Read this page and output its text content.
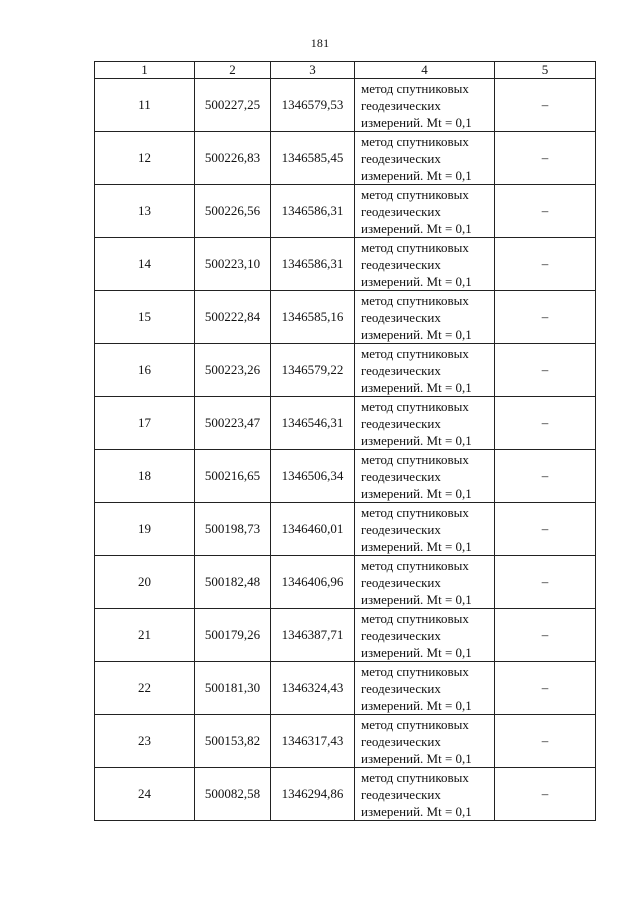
181
1	2	3	4	5
11	500227,25	1346579,53	метод спутниковых
геодезических
измерений. Mt = 0,1	–
12	500226,83	1346585,45	метод спутниковых
геодезических
измерений. Mt = 0,1	–
13	500226,56	1346586,31	метод спутниковых
геодезических
измерений. Mt = 0,1	–
14	500223,10	1346586,31	метод спутниковых
геодезических
измерений. Mt = 0,1	–
15	500222,84	1346585,16	метод спутниковых
геодезических
измерений. Mt = 0,1	–
16	500223,26	1346579,22	метод спутниковых
геодезических
измерений. Mt = 0,1	–
17	500223,47	1346546,31	метод спутниковых
геодезических
измерений. Mt = 0,1	–
18	500216,65	1346506,34	метод спутниковых
геодезических
измерений. Mt = 0,1	–
19	500198,73	1346460,01	метод спутниковых
геодезических
измерений. Mt = 0,1	–
20	500182,48	1346406,96	метод спутниковых
геодезических
измерений. Mt = 0,1	–
21	500179,26	1346387,71	метод спутниковых
геодезических
измерений. Mt = 0,1	–
22	500181,30	1346324,43	метод спутниковых
геодезических
измерений. Mt = 0,1	–
23	500153,82	1346317,43	метод спутниковых
геодезических
измерений. Mt = 0,1	–
24	500082,58	1346294,86	метод спутниковых
геодезических
измерений. Mt = 0,1	–
